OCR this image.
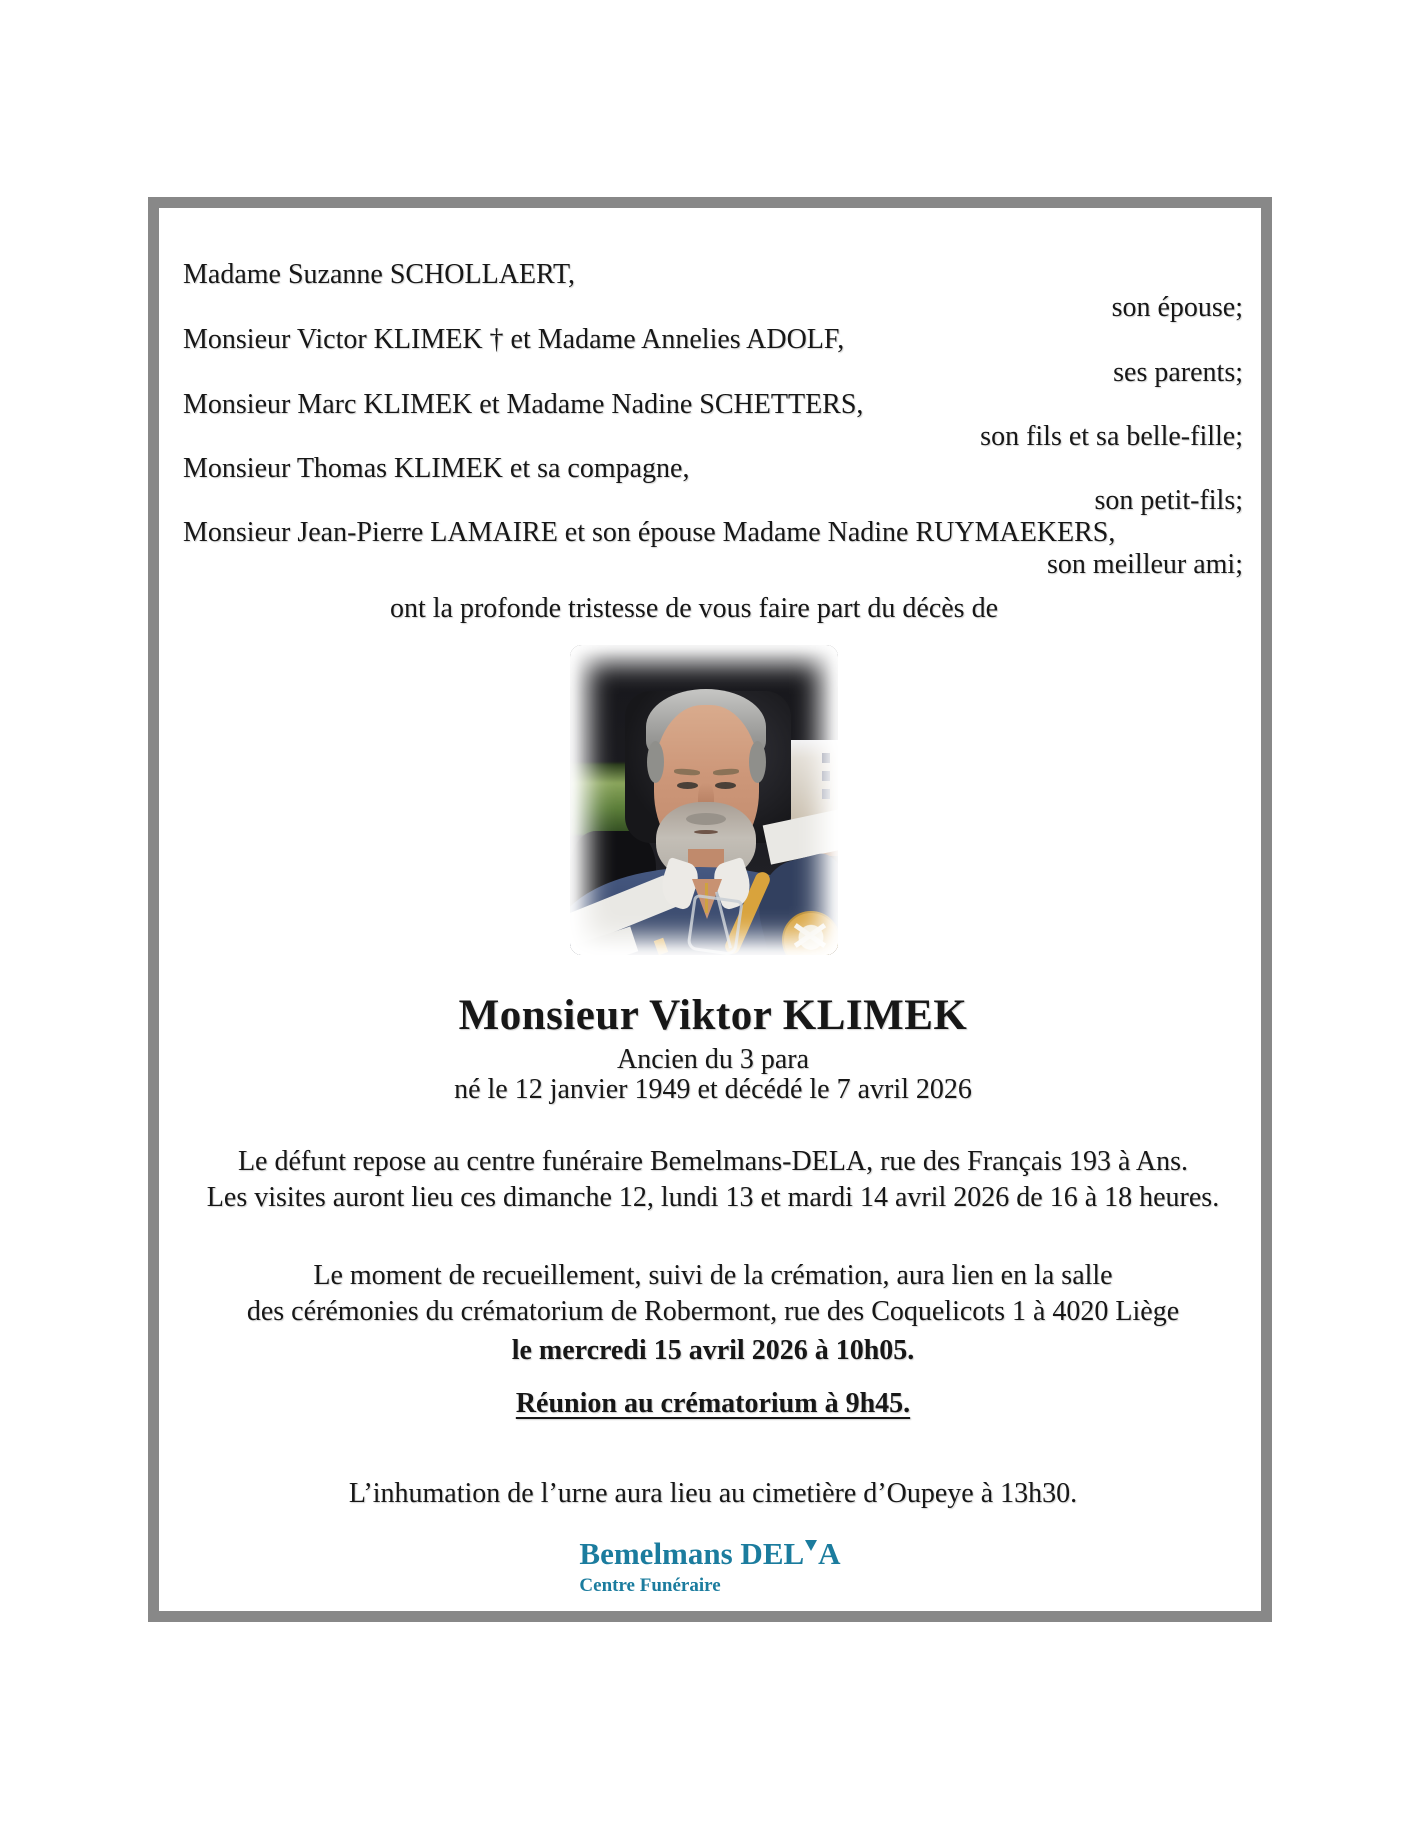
Madame Suzanne SCHOLLAERT,
son épouse;
Monsieur Victor KLIMEK † et Madame Annelies ADOLF,
ses parents;
Monsieur Marc KLIMEK et Madame Nadine SCHETTERS,
son fils et sa belle-fille;
Monsieur Thomas KLIMEK et sa compagne,
son petit-fils;
Monsieur Jean-Pierre LAMAIRE et son épouse Madame Nadine RUYMAEKERS,
son meilleur ami;
ont la profonde tristesse de vous faire part du décès de
Monsieur Viktor KLIMEK
Ancien du 3 para
né le 12 janvier 1949 et décédé le 7 avril 2026
Le défunt repose au centre funéraire Bemelmans-DELA, rue des Français 193 à Ans.
Les visites auront lieu ces dimanche 12, lundi 13 et mardi 14 avril 2026 de 16 à 18 heures.
Le moment de recueillement, suivi de la crémation, aura lien en la salle
des cérémonies du crématorium de Robermont, rue des Coquelicots 1 à 4020 Liège
le mercredi 15 avril 2026 à 10h05.
Réunion au crématorium à 9h45.
L’inhumation de l’urne aura lieu au cimetière d’Oupeye à 13h30.
Bemelmans DEL A
Centre Funéraire
